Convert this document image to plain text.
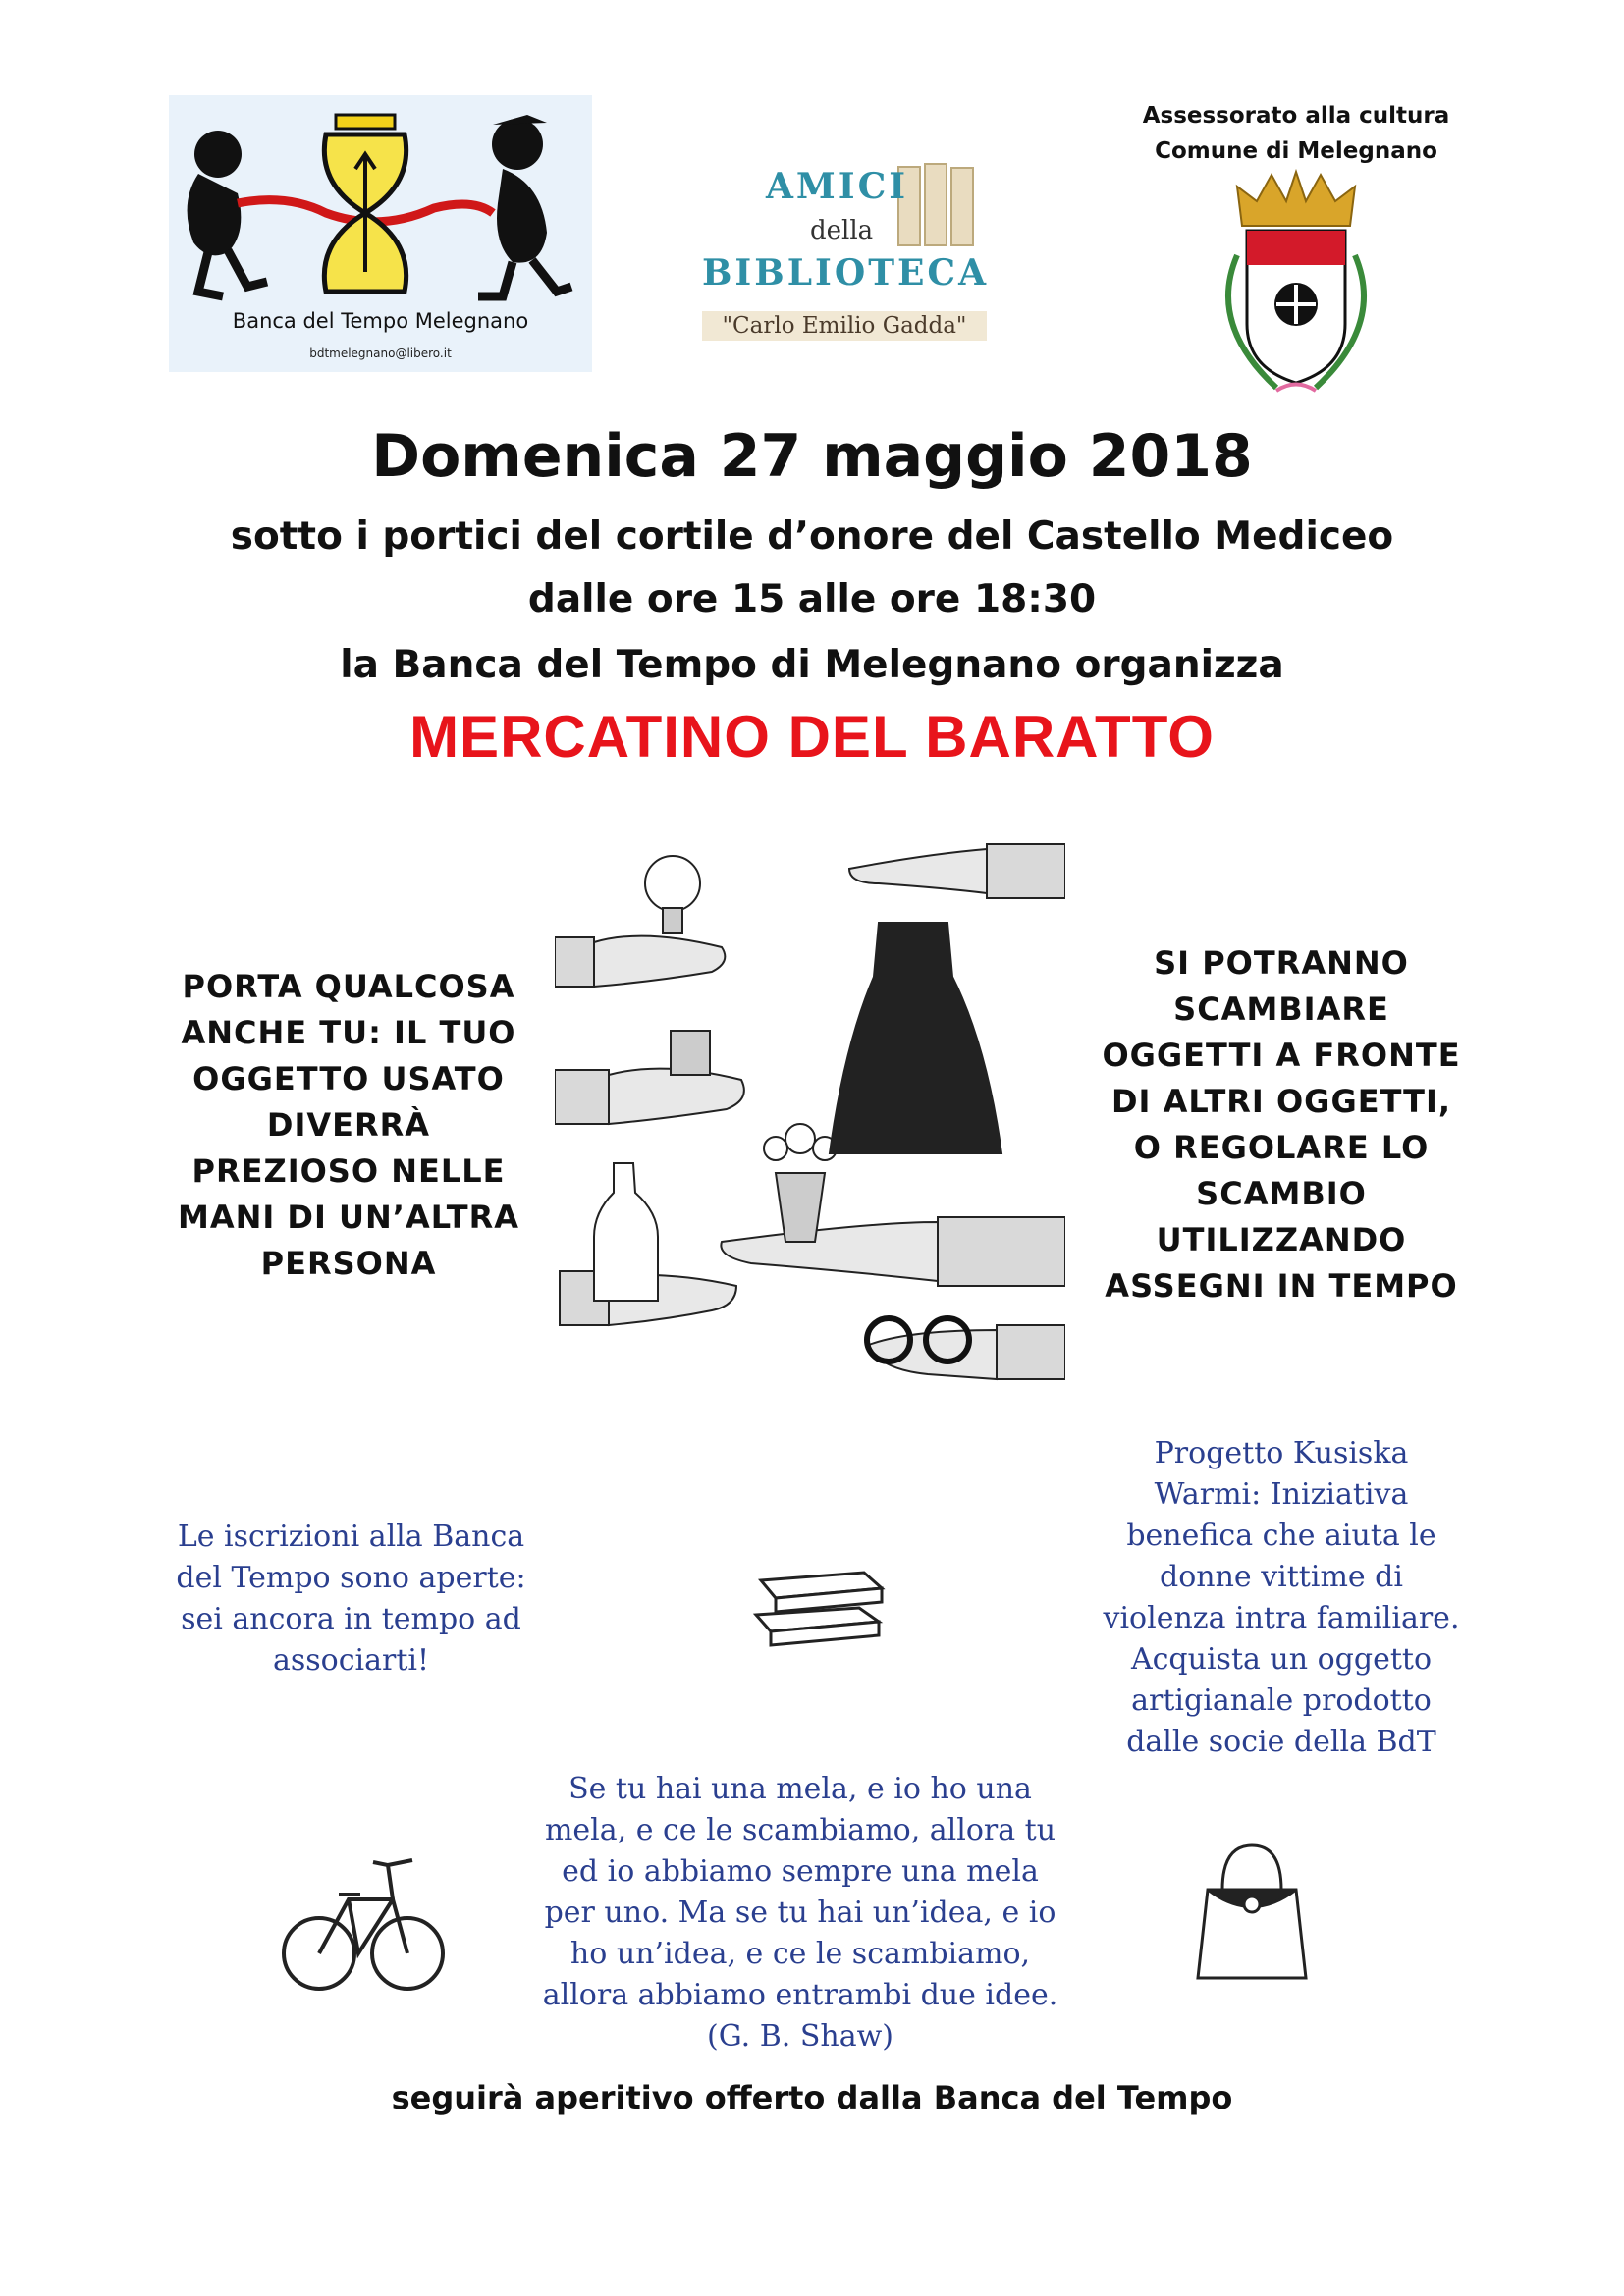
Banca del Tempo Melegnano
bdtmelegnano@libero.it
AMICI
della
BIBLIOTECA
"Carlo Emilio Gadda"
Assessorato alla cultura
Comune di Melegnano
Domenica 27 maggio 2018
sotto i portici del cortile d’onore del Castello Mediceo
dalle ore 15 alle ore 18:30
la Banca del Tempo di Melegnano organizza
MERCATINO DEL BARATTO
PORTA QUALCOSA
ANCHE TU: IL TUO
OGGETTO USATO
DIVERRÀ
PREZIOSO NELLE
MANI DI UN’ALTRA
PERSONA
SI POTRANNO
SCAMBIARE
OGGETTI A FRONTE
DI ALTRI OGGETTI,
O REGOLARE LO
SCAMBIO
UTILIZZANDO
ASSEGNI IN TEMPO
Le iscrizioni alla Banca
del Tempo sono aperte:
sei ancora in tempo ad
associarti!
Progetto Kusiska
Warmi: Iniziativa
benefica che aiuta le
donne vittime di
violenza intra familiare.
Acquista un oggetto
artigianale prodotto
dalle socie della BdT
Se tu hai una mela, e io ho una
mela, e ce le scambiamo, allora tu
ed io abbiamo sempre una mela
per uno. Ma se tu hai un’idea, e io
ho un’idea, e ce le scambiamo,
allora abbiamo entrambi due idee.
(G. B. Shaw)
seguirà aperitivo offerto dalla Banca del Tempo
